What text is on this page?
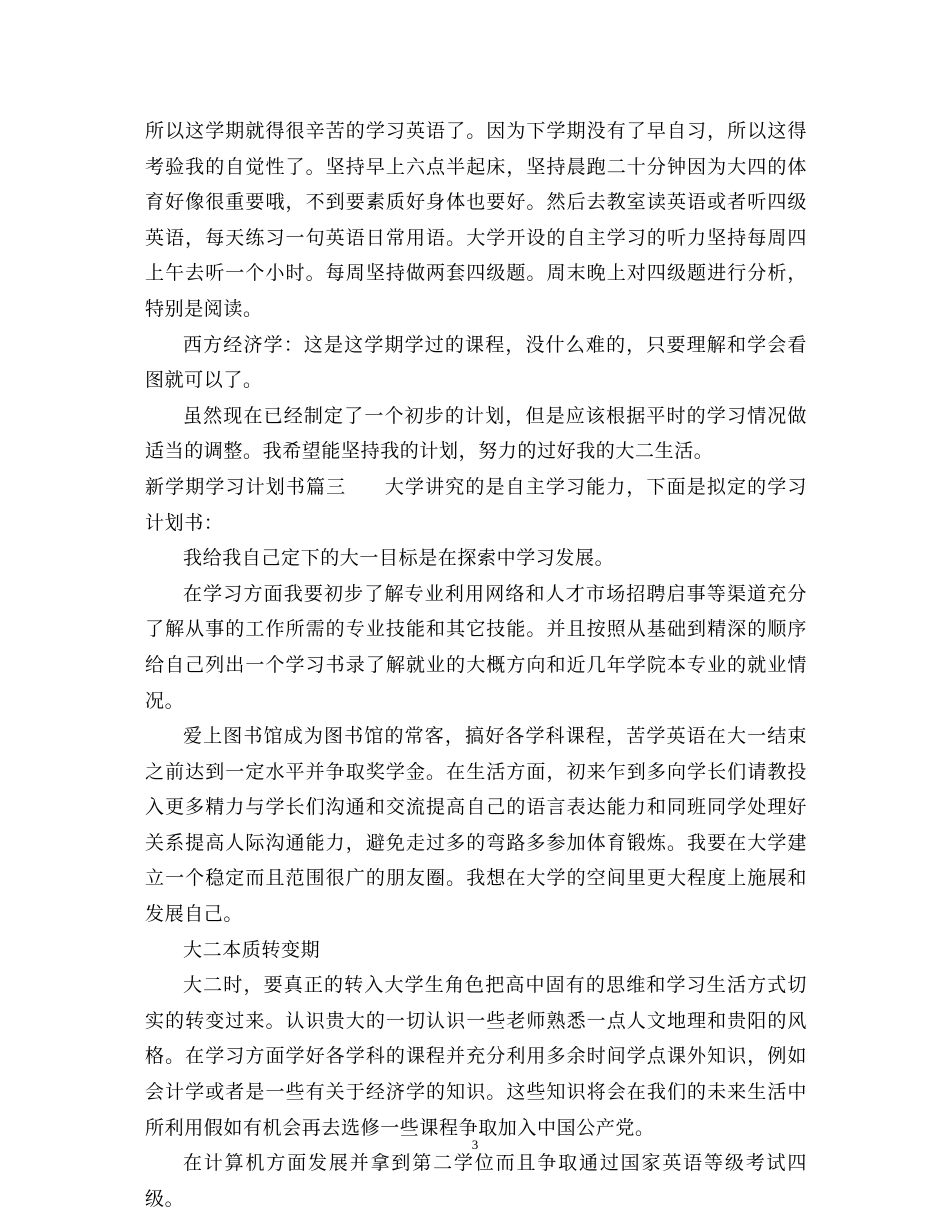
所以这学期就得很辛苦的学习英语了。因为下学期没有了早自习，所以这得考验我的自觉性了。坚持早上六点半起床，坚持晨跑二十分钟因为大四的体育好像很重要哦，不到要素质好身体也要好。然后去教室读英语或者听四级英语，每天练习一句英语日常用语。大学开设的自主学习的听力坚持每周四上午去听一个小时。每周坚持做两套四级题。周末晚上对四级题进行分析，特别是阅读。

西方经济学：这是这学期学过的课程，没什么难的，只要理解和学会看图就可以了。

虽然现在已经制定了一个初步的计划，但是应该根据平时的学习情况做适当的调整。我希望能坚持我的计划，努力的过好我的大二生活。

新学期学习计划书篇三 大学讲究的是自主学习能力，下面是拟定的学习计划书：

我给我自己定下的大一目标是在探索中学习发展。

在学习方面我要初步了解专业利用网络和人才市场招聘启事等渠道充分了解从事的工作所需的专业技能和其它技能。并且按照从基础到精深的顺序给自己列出一个学习书录了解就业的大概方向和近几年学院本专业的就业情况。

爱上图书馆成为图书馆的常客，搞好各学科课程，苦学英语在大一结束之前达到一定水平并争取奖学金。在生活方面，初来乍到多向学长们请教投入更多精力与学长们沟通和交流提高自己的语言表达能力和同班同学处理好关系提高人际沟通能力，避免走过多的弯路多参加体育锻炼。我要在大学建立一个稳定而且范围很广的朋友圈。我想在大学的空间里更大程度上施展和发展自己。

大二本质转变期

大二时，要真正的转入大学生角色把高中固有的思维和学习生活方式切实的转变过来。认识贵大的一切认识一些老师熟悉一点人文地理和贵阳的风格。在学习方面学好各学科的课程并充分利用多余时间学点课外知识，例如会计学或者是一些有关于经济学的知识。这些知识将会在我们的未来生活中所利用假如有机会再去选修一些课程争取加入中国公产党。

在计算机方面发展并拿到第二学位而且争取通过国家英语等级考试四级。

3
